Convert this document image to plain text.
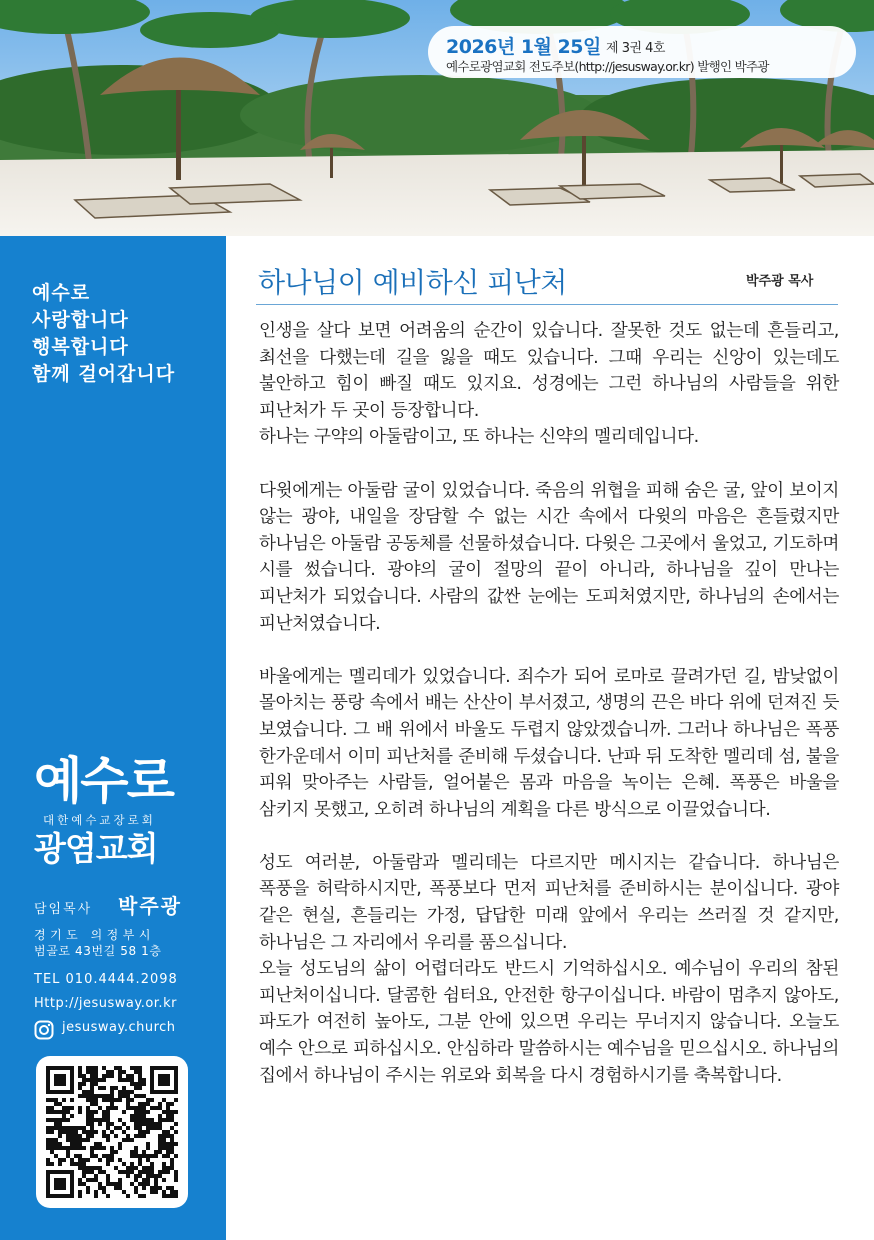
2026년 1월 25일 제 3권 4호
예수로광염교회 전도주보(http://jesusway.or.kr) 발행인 박주광
예수로
사랑합니다
행복합니다
함께 걸어갑니다
예수로
대한예수교장로회
광염교회
담임목사 박주광
경기도 의정부시
범골로 43번길 58 1층
TEL 010.4444.2098
Http://jesusway.or.kr
jesusway.church
하나님이 예비하신 피난처	박주광 목사

인생을 살다 보면 어려움의 순간이 있습니다. 잘못한 것도 없는데 흔들리고, 최선을 다했는데 길을 잃을 때도 있습니다. 그때 우리는 신앙이 있는데도 불안하고 힘이 빠질 때도 있지요. 성경에는 그런 하나님의 사람들을 위한 피난처가 두 곳이 등장합니다.

하나는 구약의 아둘람이고, 또 하나는 신약의 멜리데입니다.

다윗에게는 아둘람 굴이 있었습니다. 죽음의 위협을 피해 숨은 굴, 앞이 보이지 않는 광야, 내일을 장담할 수 없는 시간 속에서 다윗의 마음은 흔들렸지만 하나님은 아둘람 공동체를 선물하셨습니다. 다윗은 그곳에서 울었고, 기도하며 시를 썼습니다. 광야의 굴이 절망의 끝이 아니라, 하나님을 깊이 만나는 피난처가 되었습니다. 사람의 값싼 눈에는 도피처였지만, 하나님의 손에서는 피난처였습니다.

바울에게는 멜리데가 있었습니다. 죄수가 되어 로마로 끌려가던 길, 밤낮없이 몰아치는 풍랑 속에서 배는 산산이 부서졌고, 생명의 끈은 바다 위에 던져진 듯 보였습니다. 그 배 위에서 바울도 두렵지 않았겠습니까. 그러나 하나님은 폭풍 한가운데서 이미 피난처를 준비해 두셨습니다. 난파 뒤 도착한 멜리데 섬, 불을 피워 맞아주는 사람들, 얼어붙은 몸과 마음을 녹이는 은혜. 폭풍은 바울을 삼키지 못했고, 오히려 하나님의 계획을 다른 방식으로 이끌었습니다.

성도 여러분, 아둘람과 멜리데는 다르지만 메시지는 같습니다. 하나님은 폭풍을 허락하시지만, 폭풍보다 먼저 피난처를 준비하시는 분이십니다. 광야 같은 현실, 흔들리는 가정, 답답한 미래 앞에서 우리는 쓰러질 것 같지만, 하나님은 그 자리에서 우리를 품으십니다.

오늘 성도님의 삶이 어렵더라도 반드시 기억하십시오. 예수님이 우리의 참된 피난처이십니다. 달콤한 쉼터요, 안전한 항구이십니다. 바람이 멈추지 않아도, 파도가 여전히 높아도, 그분 안에 있으면 우리는 무너지지 않습니다. 오늘도 예수 안으로 피하십시오. 안심하라 말씀하시는 예수님을 믿으십시오. 하나님의 집에서 하나님이 주시는 위로와 회복을 다시 경험하시기를 축복합니다.
